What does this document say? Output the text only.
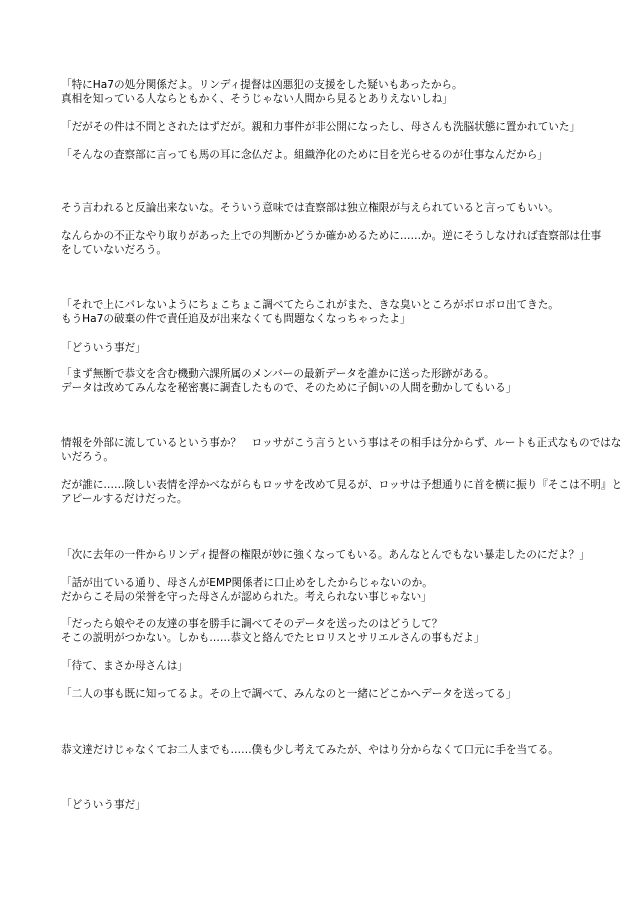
「特にHa7の処分関係だよ。リンディ提督は凶悪犯の支援をした疑いもあったから。
真相を知っている人ならともかく、そうじゃない人間から見るとありえないしね」
「だがその件は不問とされたはずだが。親和力事件が非公開になったし、母さんも洗脳状態に置かれていた」
「そんなの査察部に言っても馬の耳に念仏だよ。組織浄化のために目を光らせるのが仕事なんだから」
そう言われると反論出来ないな。そういう意味では査察部は独立権限が与えられていると言ってもいい。
なんらかの不正なやり取りがあった上での判断かどうか確かめるために……か。逆にそうしなければ査察部は仕事
をしていないだろう。
「それで上にバレないようにちょこちょこ調べてたらこれがまた、きな臭いところがボロボロ出てきた。
もうHa7の破棄の件で責任追及が出来なくても問題なくなっちゃったよ」
「どういう事だ」
「まず無断で恭文を含む機動六課所属のメンバーの最新データを誰かに送った形跡がある。
データは改めてみんなを秘密裏に調査したもので、そのために子飼いの人間を動かしてもいる」
情報を外部に流しているという事か？　ロッサがこう言うという事はその相手は分からず、ルートも正式なものではな
いだろう。
だが誰に……険しい表情を浮かべながらもロッサを改めて見るが、ロッサは予想通りに首を横に振り『そこは不明』と
アピールするだけだった。
「次に去年の一件からリンディ提督の権限が妙に強くなってもいる。あんなとんでもない暴走したのにだよ？」
「話が出ている通り、母さんがEMP関係者に口止めをしたからじゃないのか。
だからこそ局の栄誉を守った母さんが認められた。考えられない事じゃない」
「だったら娘やその友達の事を勝手に調べてそのデータを送ったのはどうして？
そこの説明がつかない。しかも……恭文と絡んでたヒロリスとサリエルさんの事もだよ」
「待て、まさか母さんは」
「二人の事も既に知ってるよ。その上で調べて、みんなのと一緒にどこかへデータを送ってる」
恭文達だけじゃなくてお二人までも……僕も少し考えてみたが、やはり分からなくて口元に手を当てる。
「どういう事だ」
